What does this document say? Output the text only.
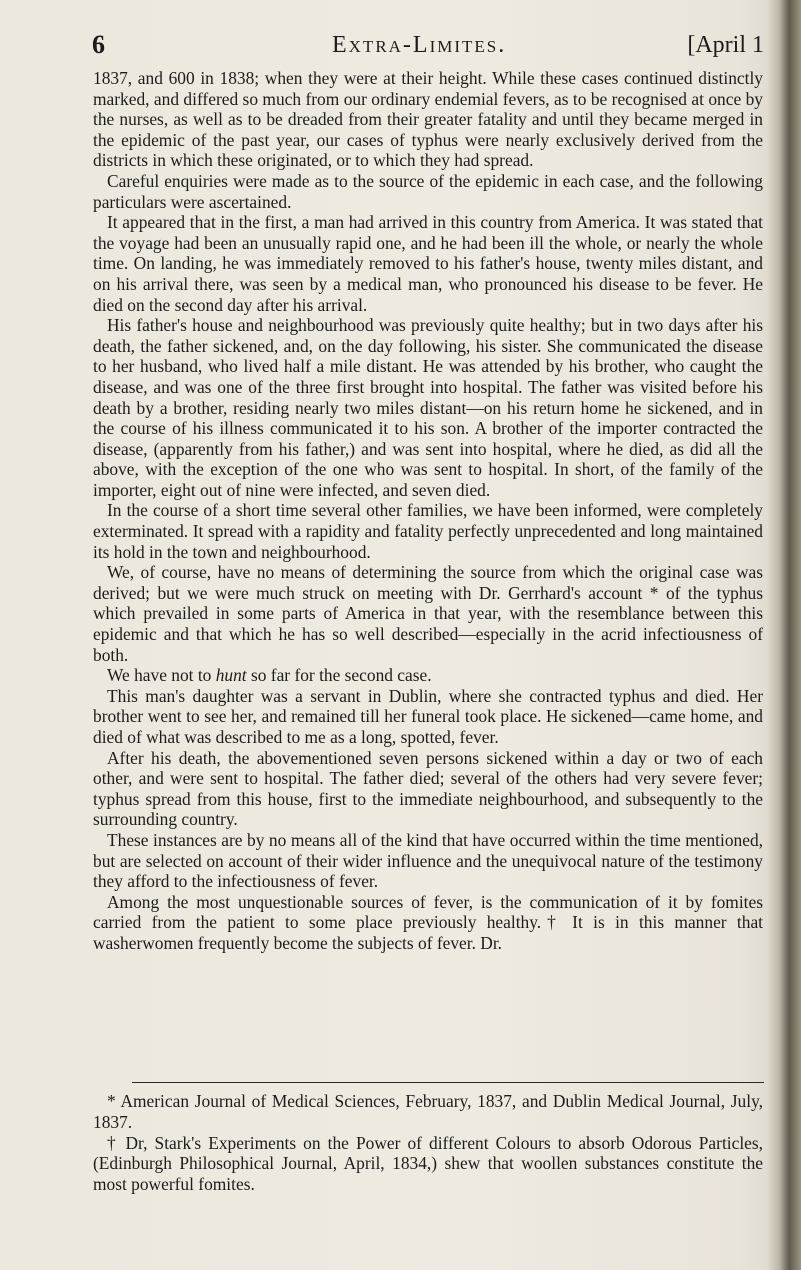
6	Extra-Limites.	[April 1

1837, and 600 in 1838; when they were at their height. While these cases continued distinctly marked, and differed so much from our ordinary endemial fevers, as to be recognised at once by the nurses, as well as to be dreaded from their greater fatality and until they became merged in the epidemic of the past year, our cases of typhus were nearly exclusively derived from the districts in which these originated, or to which they had spread.

Careful enquiries were made as to the source of the epidemic in each case, and the following particulars were ascertained.

It appeared that in the first, a man had arrived in this country from America. It was stated that the voyage had been an unusually rapid one, and he had been ill the whole, or nearly the whole time. On landing, he was immediately removed to his father's house, twenty miles distant, and on his arrival there, was seen by a medical man, who pronounced his disease to be fever. He died on the second day after his arrival.

His father's house and neighbourhood was previously quite healthy; but in two days after his death, the father sickened, and, on the day following, his sister. She communicated the disease to her husband, who lived half a mile distant. He was attended by his brother, who caught the disease, and was one of the three first brought into hospital. The father was visited before his death by a brother, residing nearly two miles distant—on his return home he sickened, and in the course of his illness communicated it to his son. A brother of the importer contracted the disease, (apparently from his father,) and was sent into hospital, where he died, as did all the above, with the exception of the one who was sent to hospital. In short, of the family of the importer, eight out of nine were infected, and seven died.

In the course of a short time several other families, we have been informed, were completely exterminated. It spread with a rapidity and fatality perfectly unprecedented and long maintained its hold in the town and neighbourhood.

We, of course, have no means of determining the source from which the original case was derived; but we were much struck on meeting with Dr. Gerrhard's account * of the typhus which prevailed in some parts of America in that year, with the resemblance between this epidemic and that which he has so well described—especially in the acrid infectiousness of both.

We have not to hunt so far for the second case.

This man's daughter was a servant in Dublin, where she contracted typhus and died. Her brother went to see her, and remained till her funeral took place. He sickened—came home, and died of what was described to me as a long, spotted, fever.

After his death, the abovementioned seven persons sickened within a day or two of each other, and were sent to hospital. The father died; several of the others had very severe fever; typhus spread from this house, first to the immediate neighbourhood, and subsequently to the surrounding country.

These instances are by no means all of the kind that have occurred within the time mentioned, but are selected on account of their wider influence and the unequivocal nature of the testimony they afford to the infectiousness of fever.

Among the most unquestionable sources of fever, is the communication of it by fomites carried from the patient to some place previously healthy.† It is in this manner that washerwomen frequently become the subjects of fever. Dr.

* American Journal of Medical Sciences, February, 1837, and Dublin Medical Journal, July, 1837.

† Dr, Stark's Experiments on the Power of different Colours to absorb Odorous Particles, (Edinburgh Philosophical Journal, April, 1834,) shew that woollen substances constitute the most powerful fomites.
